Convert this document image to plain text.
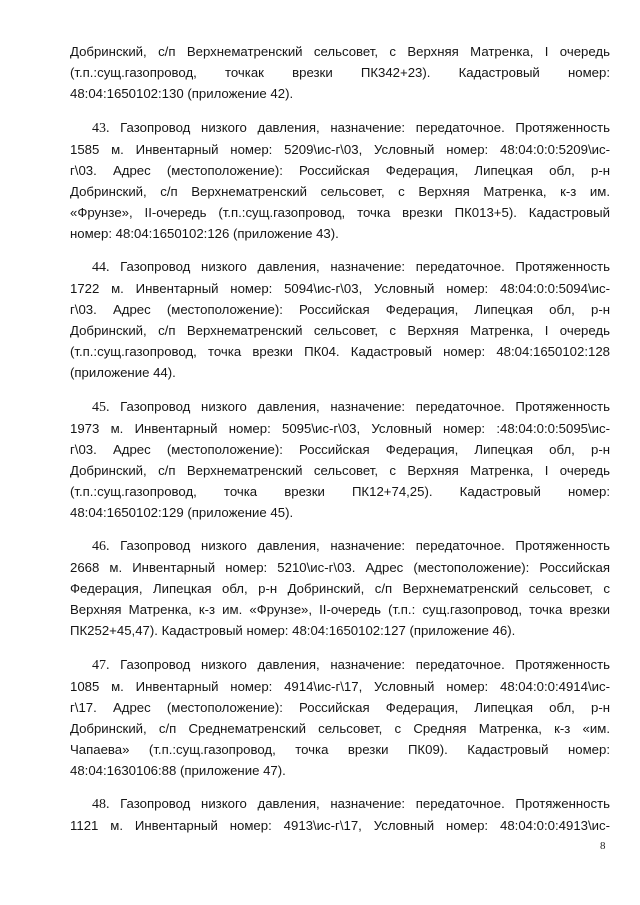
Добринский, с/п Верхнематренский сельсовет, с Верхняя Матренка, I очередь
(т.п.:сущ.газопровод, точкак врезки ПК342+23). Кадастровый номер:
48:04:1650102:130 (приложение 42).
43. Газопровод низкого давления, назначение: передаточное. Протяженность
1585 м. Инвентарный номер: 5209\ис-г\03, Условный номер: 48:04:0:0:5209\ис-
г\03. Адрес (местоположение): Российская Федерация, Липецкая обл, р-н
Добринский, с/п Верхнематренский сельсовет, с Верхняя Матренка, к-з им.
«Фрунзе», II-очередь (т.п.:сущ.газопровод, точка врезки ПК013+5). Кадастровый
номер: 48:04:1650102:126 (приложение 43).
44. Газопровод низкого давления, назначение: передаточное. Протяженность
1722 м. Инвентарный номер: 5094\ис-г\03, Условный номер: 48:04:0:0:5094\ис-
г\03. Адрес (местоположение): Российская Федерация, Липецкая обл, р-н
Добринский, с/п Верхнематренский сельсовет, с Верхняя Матренка, I очередь
(т.п.:сущ.газопровод, точка врезки ПК04. Кадастровый номер: 48:04:1650102:128
(приложение 44).
45. Газопровод низкого давления, назначение: передаточное. Протяженность
1973 м. Инвентарный номер: 5095\ис-г\03, Условный номер: :48:04:0:0:5095\ис-
г\03. Адрес (местоположение): Российская Федерация, Липецкая обл, р-н
Добринский, с/п Верхнематренский сельсовет, с Верхняя Матренка, I очередь
(т.п.:сущ.газопровод, точка врезки ПК12+74,25). Кадастровый номер:
48:04:1650102:129 (приложение 45).
46. Газопровод низкого давления, назначение: передаточное. Протяженность
2668 м. Инвентарный номер: 5210\ис-г\03. Адрес (местоположение): Российская
Федерация, Липецкая обл, р-н Добринский, с/п Верхнематренский сельсовет, с
Верхняя Матренка, к-з им. «Фрунзе», II-очередь (т.п.: сущ.газопровод, точка врезки
ПК252+45,47). Кадастровый номер: 48:04:1650102:127 (приложение 46).
47. Газопровод низкого давления, назначение: передаточное. Протяженность
1085 м. Инвентарный номер: 4914\ис-г\17, Условный номер: 48:04:0:0:4914\ис-
г\17. Адрес (местоположение): Российская Федерация, Липецкая обл, р-н
Добринский, с/п Среднематренский сельсовет, с Средняя Матренка, к-з «им.
Чапаева» (т.п.:сущ.газопровод, точка врезки ПК09). Кадастровый номер:
48:04:1630106:88 (приложение 47).
48. Газопровод низкого давления, назначение: передаточное. Протяженность
1121 м. Инвентарный номер: 4913\ис-г\17, Условный номер: 48:04:0:0:4913\ис-
8
